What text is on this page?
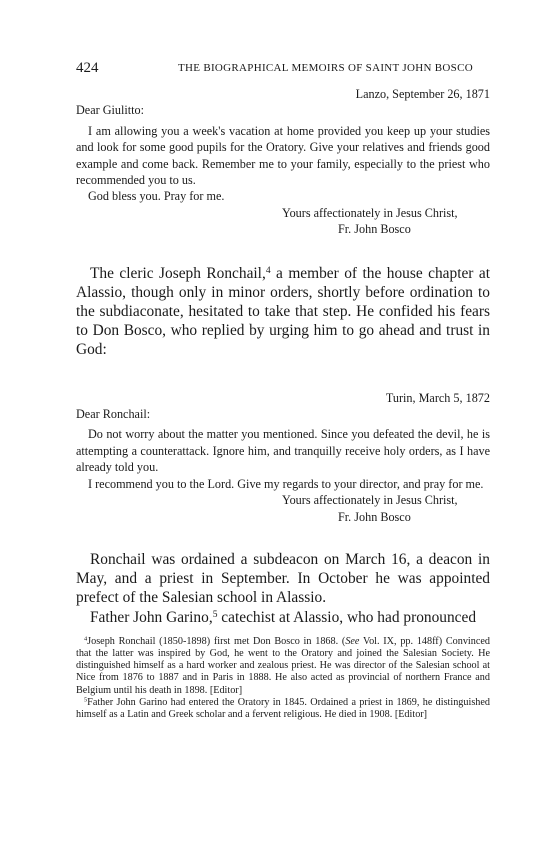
424	THE BIOGRAPHICAL MEMOIRS OF SAINT JOHN BOSCO

Lanzo, September 26, 1871

Dear Giulitto:

I am allowing you a week's vacation at home provided you keep up your studies and look for some good pupils for the Oratory. Give your relatives and friends good example and come back. Remember me to your family, especially to the priest who recommended you to us.

God bless you. Pray for me.

Yours affectionately in Jesus Christ,

Fr. John Bosco

The cleric Joseph Ronchail,$^4$ a member of the house chapter at Alassio, though only in minor orders, shortly before ordination to the subdiaconate, hesitated to take that step. He confided his fears to Don Bosco, who replied by urging him to go ahead and trust in God:

Turin, March 5, 1872

Dear Ronchail:

Do not worry about the matter you mentioned. Since you defeated the devil, he is attempting a counterattack. Ignore him, and tranquilly receive holy orders, as I have already told you.

I recommend you to the Lord. Give my regards to your director, and pray for me.

Yours affectionately in Jesus Christ,

Fr. John Bosco

Ronchail was ordained a subdeacon on March 16, a deacon in May, and a priest in September. In October he was appointed prefect of the Salesian school in Alassio.

Father John Garino,$^5$ catechist at Alassio, who had pronounced

$^4$Joseph Ronchail (1850-1898) first met Don Bosco in 1868. (See Vol. IX, pp. 148ff) Convinced that the latter was inspired by God, he went to the Oratory and joined the Salesian Society. He distinguished himself as a hard worker and zealous priest. He was director of the Salesian school at Nice from 1876 to 1887 and in Paris in 1888. He also acted as provincial of northern France and Belgium until his death in 1898. [Editor]

$^5$Father John Garino had entered the Oratory in 1845. Ordained a priest in 1869, he distinguished himself as a Latin and Greek scholar and a fervent religious. He died in 1908. [Editor]
